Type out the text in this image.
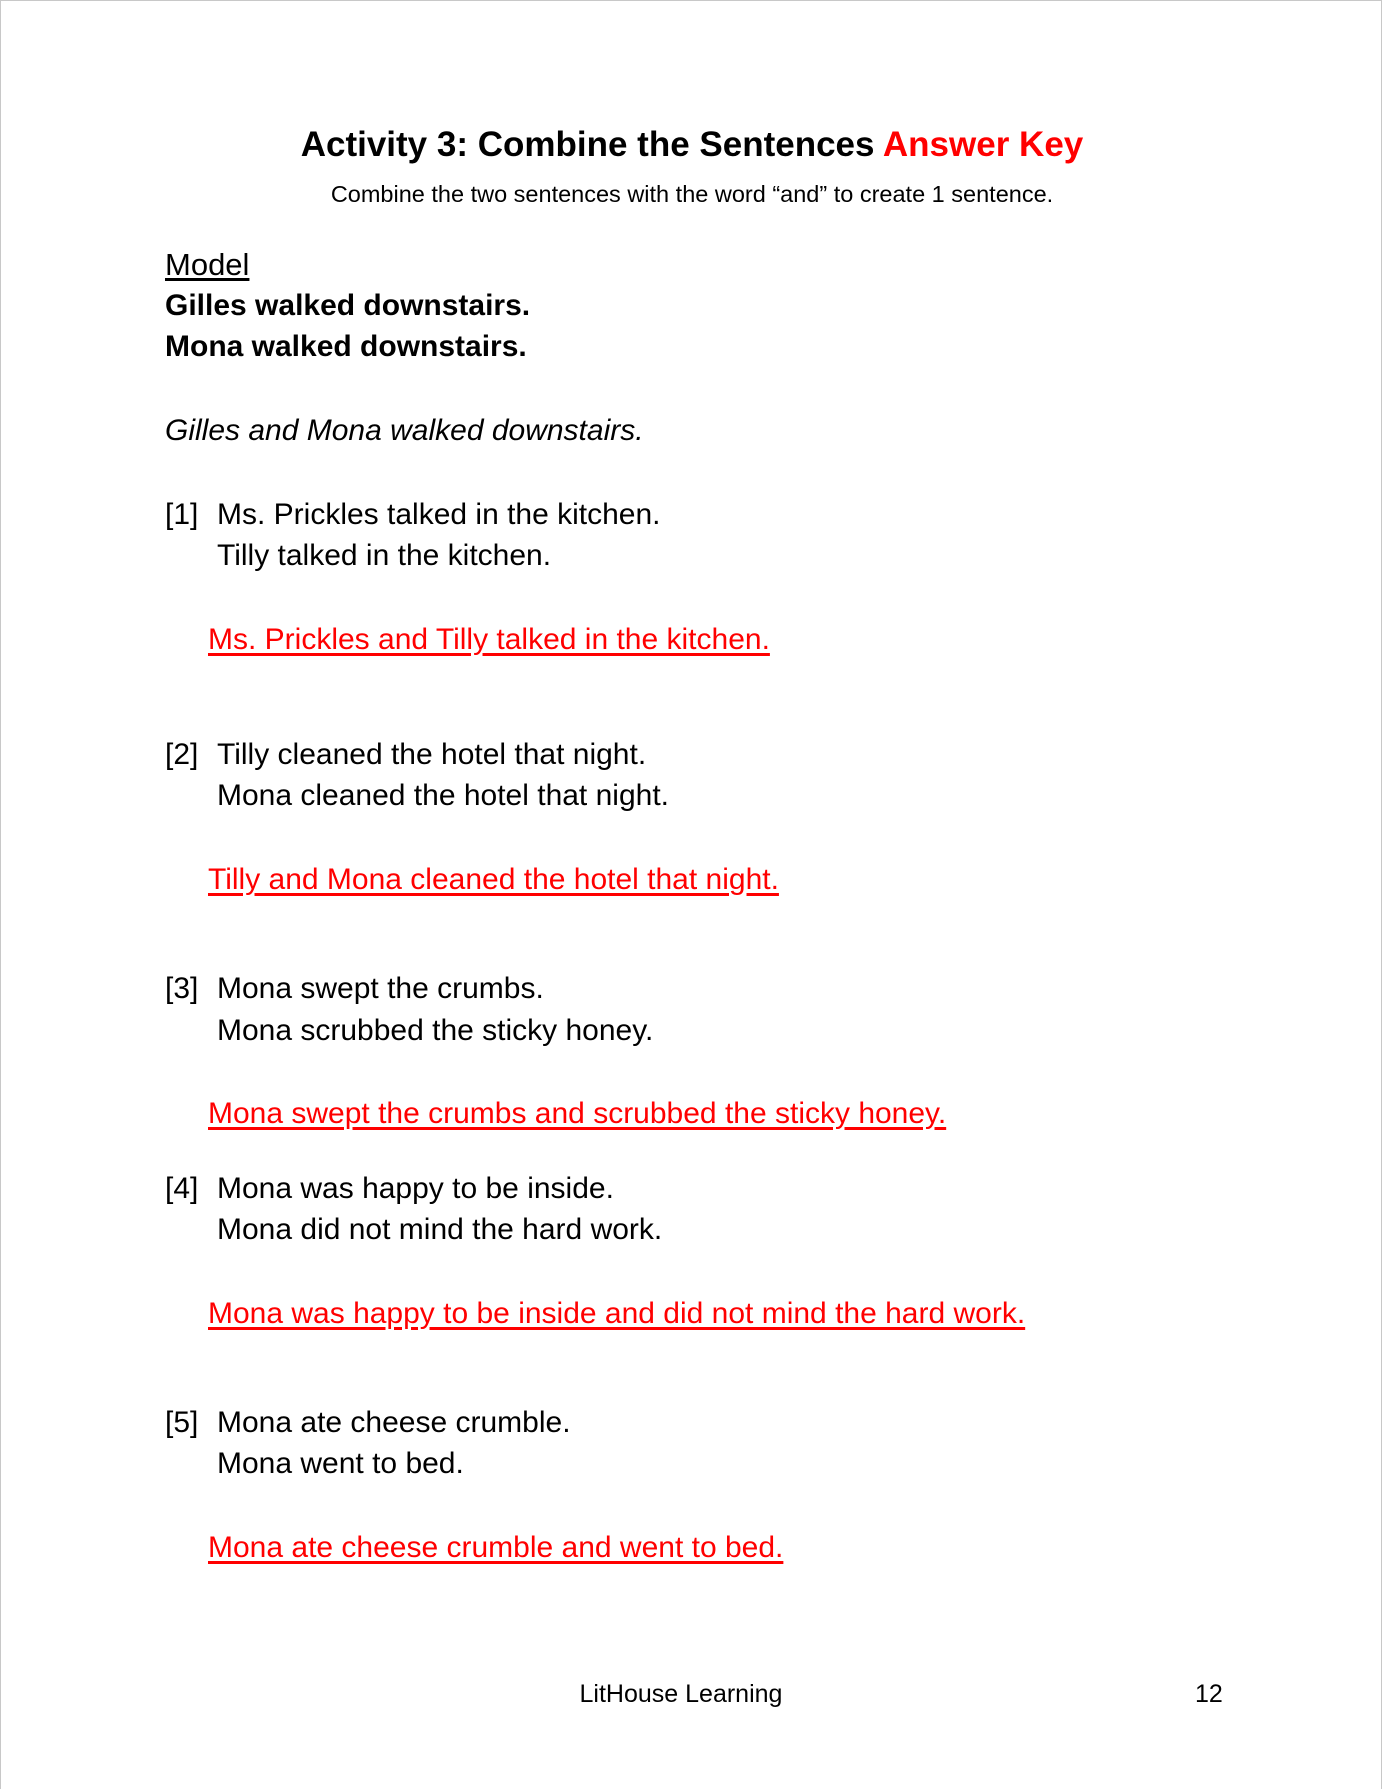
Activity 3: Combine the Sentences Answer Key
Combine the two sentences with the word “and” to create 1 sentence.
Model
Gilles walked downstairs.
Mona walked downstairs.
Gilles and Mona walked downstairs.
[1] Ms. Prickles talked in the kitchen.
Tilly talked in the kitchen.
Ms. Prickles and Tilly talked in the kitchen.
[2] Tilly cleaned the hotel that night.
Mona cleaned the hotel that night.
Tilly and Mona cleaned the hotel that night.
[3] Mona swept the crumbs.
Mona scrubbed the sticky honey.
Mona swept the crumbs and scrubbed the sticky honey.
[4] Mona was happy to be inside.
Mona did not mind the hard work.
Mona was happy to be inside and did not mind the hard work.
[5] Mona ate cheese crumble.
Mona went to bed.
Mona ate cheese crumble and went to bed.
LitHouse Learning	12
